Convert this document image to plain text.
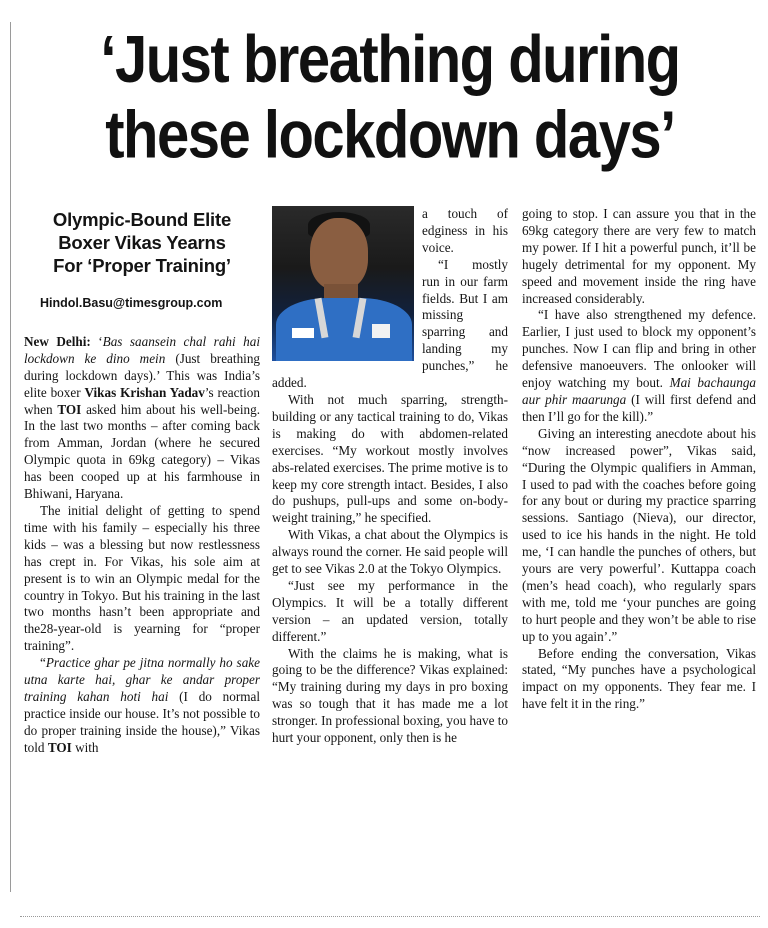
‘Just breathing during
these lockdown days’
Olympic-Bound Elite
Boxer Vikas Yearns
For ‘Proper Training’
Hindol.Basu@timesgroup.com

New Delhi: ‘Bas saansein chal rahi hai lockdown ke dino mein (Just breathing during lockdown days).’ This was India’s elite boxer Vikas Krishan Yadav’s reaction when TOI asked him about his well-being. In the last two months – after coming back from Amman, Jordan (where he secured Olympic quota in 69kg category) – Vikas has been cooped up at his farmhouse in Bhiwani, Haryana.

The initial delight of getting to spend time with his family – especially his three kids – was a blessing but now restlessness has crept in. For Vikas, his sole aim at present is to win an Olympic medal for the country in Tokyo. But his training in the last two months hasn’t been appropriate and the28-year-old is yearning for “proper training”.

“Practice ghar pe jitna normally ho sake utna karte hai, ghar ke andar proper training kahan hoti hai (I do normal practice inside our house. It’s not possible to do proper training inside the house),” Vikas told TOI with

a touch of edginess in his voice.

“I mostly run in our farm fields. But I am missing sparring and landing my punches,” he added.

With not much sparring, strength-building or any tactical training to do, Vikas is making do with abdomen-related exercises. “My workout mostly involves abs-related exercises. The prime motive is to keep my core strength intact. Besides, I also do pushups, pull-ups and some on-body-weight training,” he specified.

With Vikas, a chat about the Olympics is always round the corner. He said people will get to see Vikas 2.0 at the Tokyo Olympics.

“Just see my performance in the Olympics. It will be a totally different version – an updated version, totally different.”

With the claims he is making, what is going to be the difference? Vikas explained: “My training during my days in pro boxing was so tough that it has made me a lot stronger. In professional boxing, you have to hurt your opponent, only then is he

going to stop. I can assure you that in the 69kg category there are very few to match my power. If I hit a powerful punch, it’ll be hugely detrimental for my opponent. My speed and movement inside the ring have increased considerably.

“I have also strengthened my defence. Earlier, I just used to block my opponent’s punches. Now I can flip and bring in other defensive manoeuvers. The onlooker will enjoy watching my bout. Mai bachaunga aur phir maarunga (I will first defend and then I’ll go for the kill).”

Giving an interesting anecdote about his “now increased power”, Vikas said, “During the Olympic qualifiers in Amman, I used to pad with the coaches before going for any bout or during my practice sparring sessions. Santiago (Nieva), our director, used to ice his hands in the night. He told me, ‘I can handle the punches of others, but yours are very powerful’. Kuttappa coach (men’s head coach), who regularly spars with me, told me ‘your punches are going to hurt people and they won’t be able to rise up to you again’.”

Before ending the conversation, Vikas stated, “My punches have a psychological impact on my opponents. They fear me. I have felt it in the ring.”
